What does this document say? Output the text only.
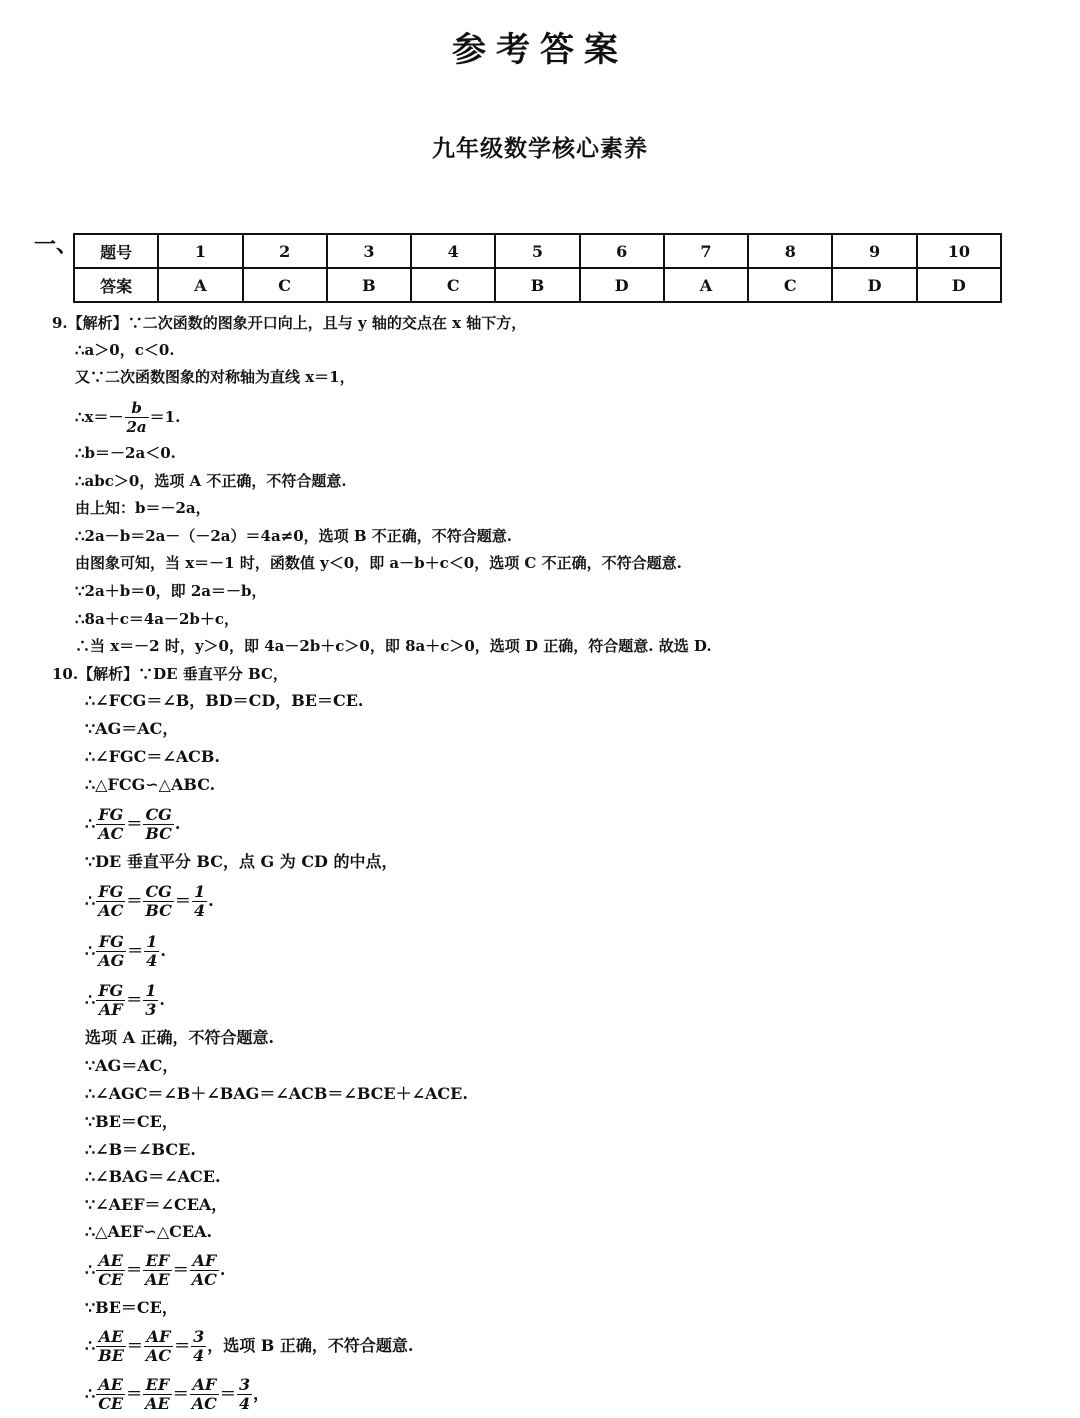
参考答案
九年级数学核心素养
一、 题号	1	2	3	4	5	6	7	8	9	10
答案	A	C	B	C	B	D	A	C	D	D
9.【解析】∵二次函数的图象开口向上，且与 y 轴的交点在 x 轴下方，
∴a＞0，c＜0.
又∵二次函数图象的对称轴为直线 x＝1，
∴x＝－ $\frac{b}{2a} =1$.
∴b＝－2a＜0.
∴abc＞0，选项 A 不正确，不符合题意.
由上知：b＝－2a，
∴2a－b＝2a－（－2a）＝4a≠0，选项 B 不正确，不符合题意.
由图象可知，当 x＝－1 时，函数值 y＜0，即 a－b＋c＜0，选项 C 不正确，不符合题意.
∵2a＋b＝0，即 2a＝－b，
∴8a＋c＝4a－2b＋c，
∴当 x＝－2 时，y＞0，即 4a－2b＋c＞0，即 8a＋c＞0，选项 D 正确，符合题意. 故选 D.
10.【解析】∵DE 垂直平分 BC，
∴∠FCG＝∠B，BD＝CD，BE＝CE.
∵AG＝AC，
∴∠FGC＝∠ACB.
∴△FCG∽△ABC.
∴ $\frac{FG}{AC} = \frac{CG}{BC}$ .
∵DE 垂直平分 BC，点 G 为 CD 的中点，
∴ $\frac{FG}{AC} = \frac{CG}{BC} = \frac{1}{4}$ .
∴ $\frac{FG}{AG} = \frac{1}{4}$ .
∴ $\frac{FG}{AF} = \frac{1}{3}$ .
选项 A 正确，不符合题意.
∵AG＝AC，
∴∠AGC＝∠B＋∠BAG＝∠ACB＝∠BCE＋∠ACE.
∵BE＝CE，
∴∠B＝∠BCE.
∴∠BAG＝∠ACE.
∵∠AEF＝∠CEA，
∴△AEF∽△CEA.
∴ $\frac{AE}{CE} = \frac{EF}{AE} = \frac{AF}{AC}$ .
∵BE＝CE，
∴ $\frac{AE}{BE} = \frac{AF}{AC} = \frac{3}{4}$ ，选项 B 正确，不符合题意.
∴ $\frac{AE}{CE} = \frac{EF}{AE} = \frac{AF}{AC} = \frac{3}{4}$ ，
